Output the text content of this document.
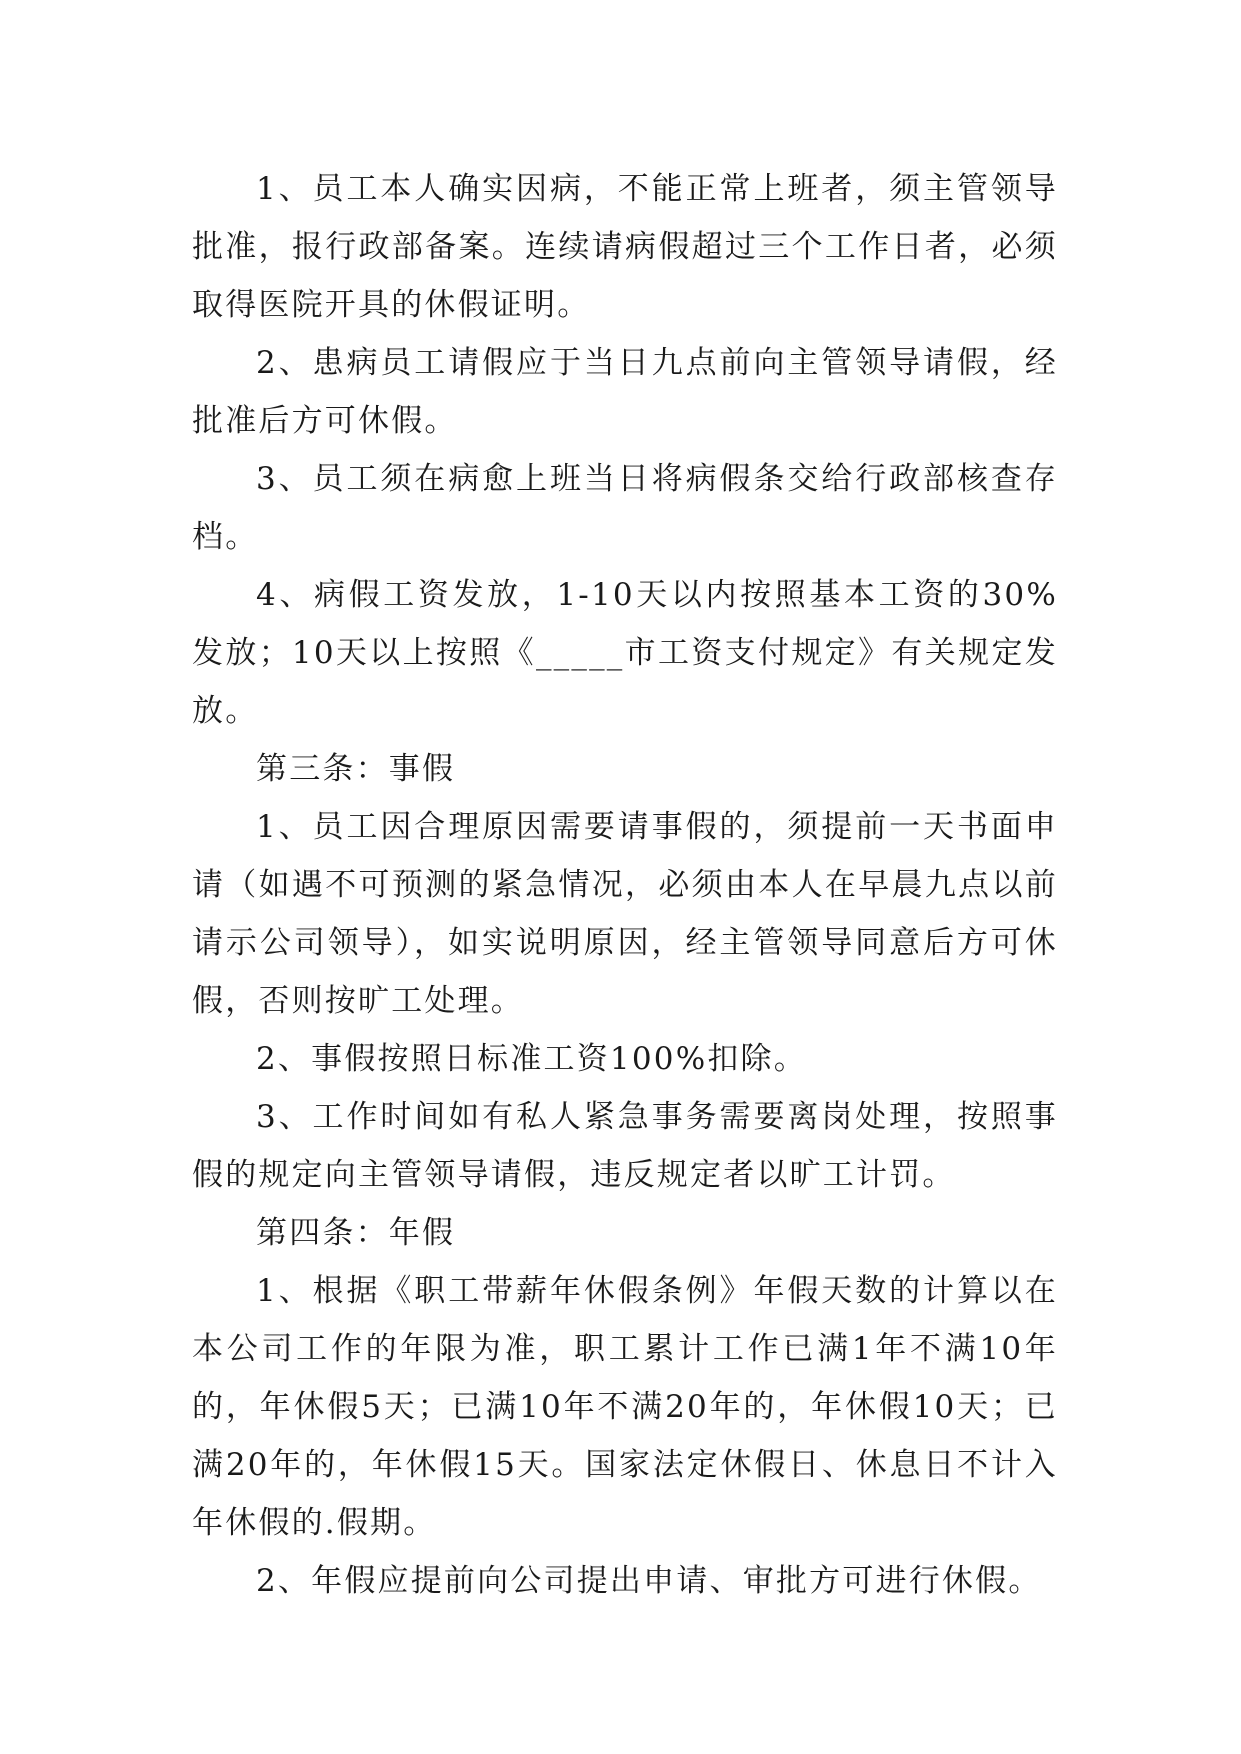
1、员工本人确实因病，不能正常上班者，须主管领导批准，报行政部备案。连续请病假超过三个工作日者，必须取得医院开具的休假证明。

2、患病员工请假应于当日九点前向主管领导请假，经批准后方可休假。

3、员工须在病愈上班当日将病假条交给行政部核查存档。

4、病假工资发放，1-10天以内按照基本工资的30%发放；10天以上按照《_____市工资支付规定》有关规定发放。

第三条：事假

1、员工因合理原因需要请事假的，须提前一天书面申请（如遇不可预测的紧急情况，必须由本人在早晨九点以前请示公司领导），如实说明原因，经主管领导同意后方可休假，否则按旷工处理。

2、事假按照日标准工资100%扣除。

3、工作时间如有私人紧急事务需要离岗处理，按照事假的规定向主管领导请假，违反规定者以旷工计罚。

第四条：年假

1、根据《职工带薪年休假条例》年假天数的计算以在本公司工作的年限为准，职工累计工作已满1年不满10年的，年休假5天；已满10年不满20年的，年休假10天；已满20年的，年休假15天。国家法定休假日、休息日不计入年休假的.假期。

2、年假应提前向公司提出申请、审批方可进行休假。
